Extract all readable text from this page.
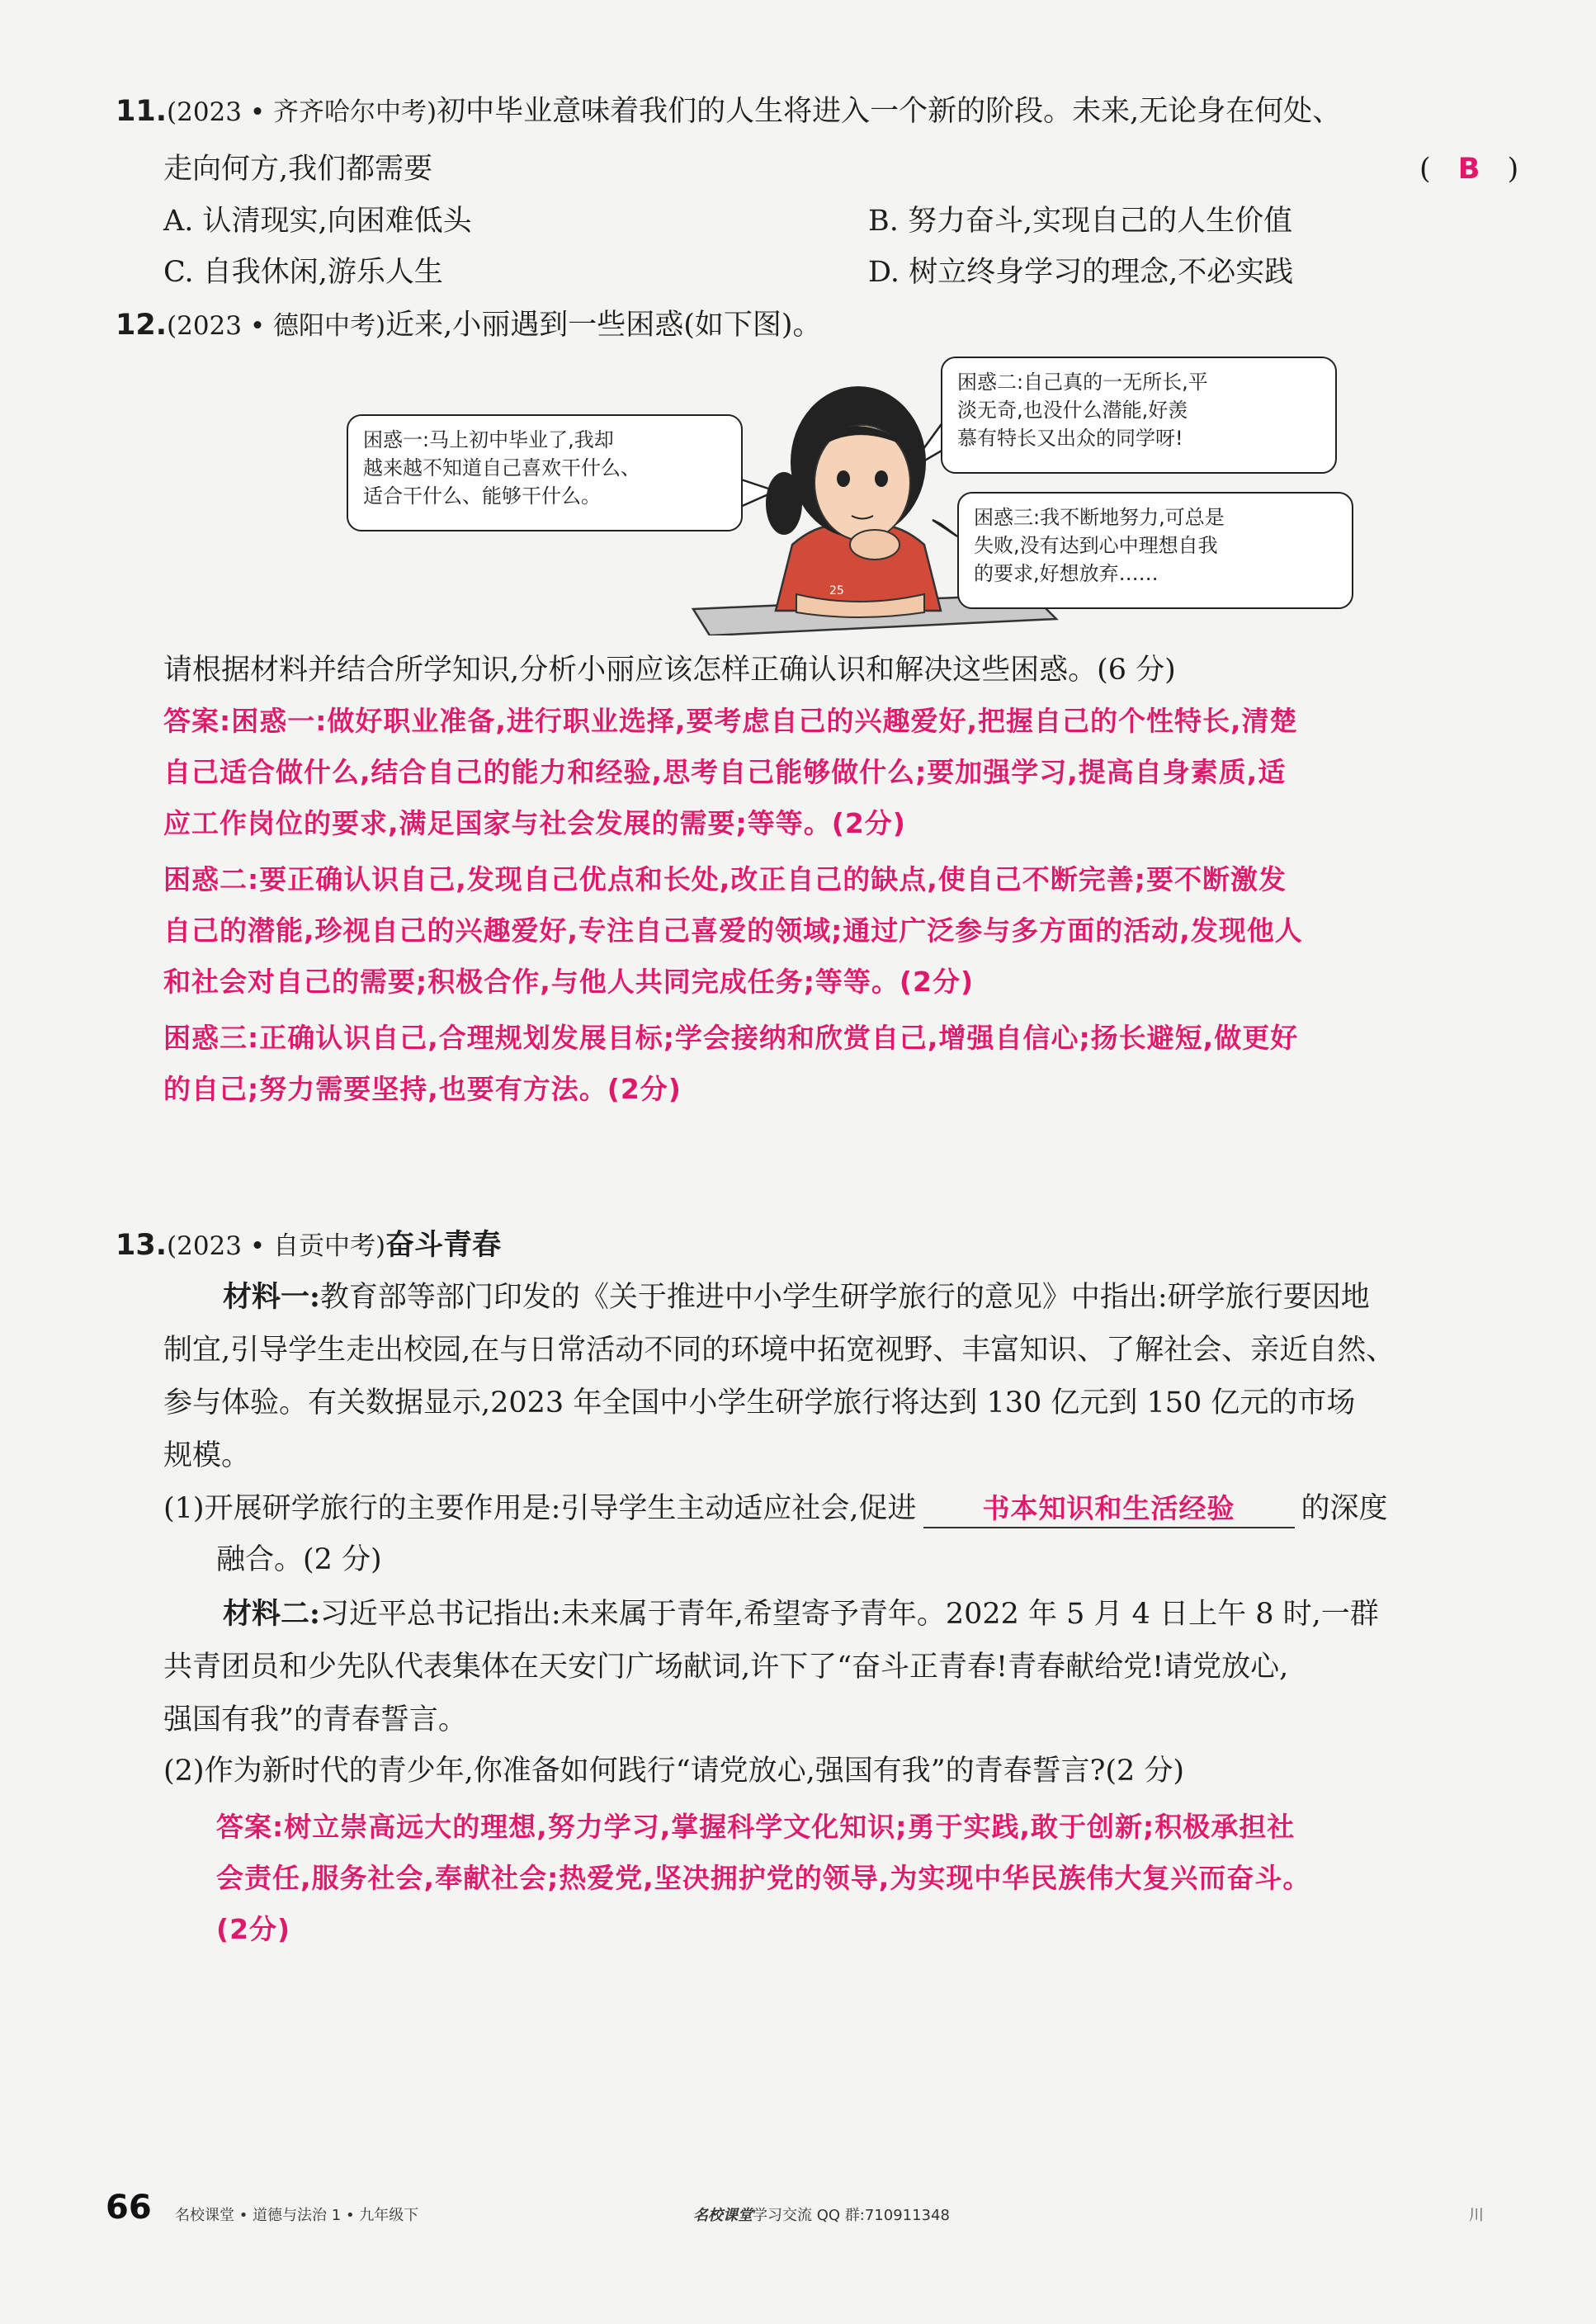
11.(2023 • 齐齐哈尔中考)初中毕业意味着我们的人生将进入一个新的阶段。未来,无论身在何处、
走向何方,我们都需要	( B )
A. 认清现实,向困难低头	B. 努力奋斗,实现自己的人生价值
C. 自我休闲,游乐人生	D. 树立终身学习的理念,不必实践
12.(2023 • 德阳中考)近来,小丽遇到一些困惑(如下图)。
25
困惑一:马上初中毕业了,我却
越来越不知道自己喜欢干什么、
适合干什么、能够干什么。
困惑二:自己真的一无所长,平
淡无奇,也没什么潜能,好羡
慕有特长又出众的同学呀!
困惑三:我不断地努力,可总是
失败,没有达到心中理想自我
的要求,好想放弃……
请根据材料并结合所学知识,分析小丽应该怎样正确认识和解决这些困惑。(6 分)
答案:困惑一:做好职业准备,进行职业选择,要考虑自己的兴趣爱好,把握自己的个性特长,清楚
自己适合做什么,结合自己的能力和经验,思考自己能够做什么;要加强学习,提高自身素质,适
应工作岗位的要求,满足国家与社会发展的需要;等等。(2分)
困惑二:要正确认识自己,发现自己优点和长处,改正自己的缺点,使自己不断完善;要不断激发
自己的潜能,珍视自己的兴趣爱好,专注自己喜爱的领域;通过广泛参与多方面的活动,发现他人
和社会对自己的需要;积极合作,与他人共同完成任务;等等。(2分)
困惑三:正确认识自己,合理规划发展目标;学会接纳和欣赏自己,增强自信心;扬长避短,做更好
的自己;努力需要坚持,也要有方法。(2分)
13.(2023 • 自贡中考)奋斗青春
材料一:教育部等部门印发的《关于推进中小学生研学旅行的意见》中指出:研学旅行要因地
制宜,引导学生走出校园,在与日常活动不同的环境中拓宽视野、丰富知识、了解社会、亲近自然、
参与体验。有关数据显示,2023 年全国中小学生研学旅行将达到 130 亿元到 150 亿元的市场
规模。
(1)开展研学旅行的主要作用是:引导学生主动适应社会,促进 书本知识和生活经验 的深度
融合。(2 分)
材料二:习近平总书记指出:未来属于青年,希望寄予青年。2022 年 5 月 4 日上午 8 时,一群
共青团员和少先队代表集体在天安门广场献词,许下了“奋斗正青春!青春献给党!请党放心,
强国有我”的青春誓言。
(2)作为新时代的青少年,你准备如何践行“请党放心,强国有我”的青春誓言?(2 分)
答案:树立崇高远大的理想,努力学习,掌握科学文化知识;勇于实践,敢于创新;积极承担社
会责任,服务社会,奉献社会;热爱党,坚决拥护党的领导,为实现中华民族伟大复兴而奋斗。
(2分)
66 名校课堂 • 道德与法治 1 • 九年级下	名校课堂学习交流 QQ 群:710911348	川
